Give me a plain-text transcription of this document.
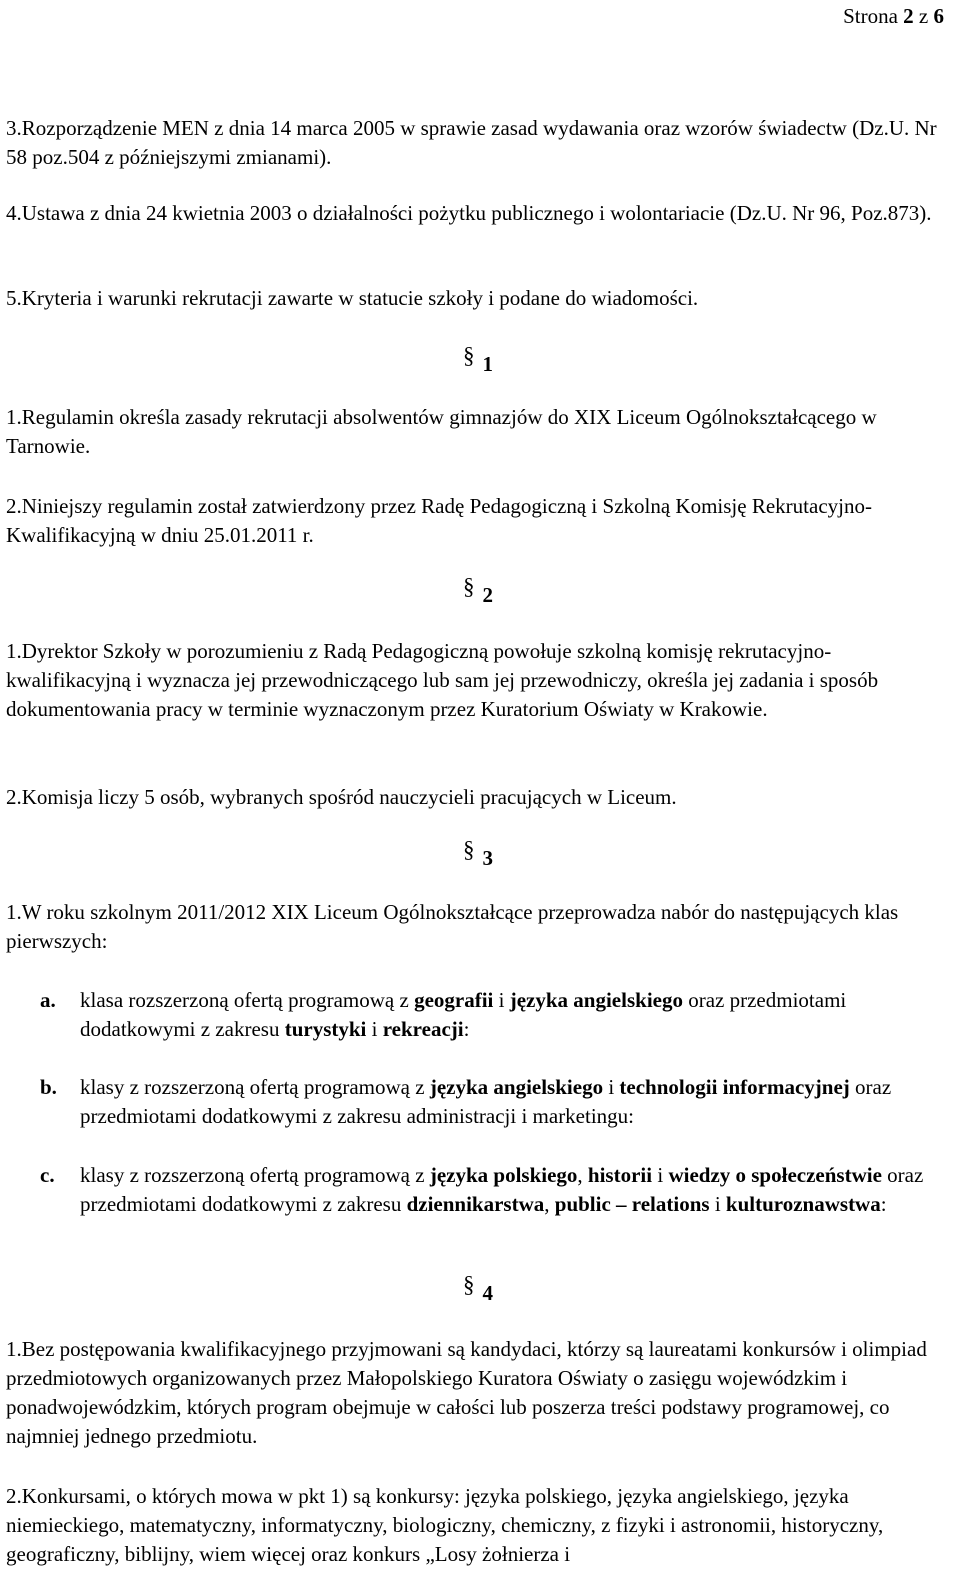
Strona 2 z 6

3.Rozporządzenie MEN z dnia 14 marca 2005 w sprawie zasad wydawania oraz wzorów świadectw (Dz.U. Nr 58 poz.504 z późniejszymi zmianami).

4.Ustawa z dnia 24 kwietnia 2003 o działalności pożytku publicznego i wolontariacie (Dz.U. Nr 96, Poz.873).

5.Kryteria i warunki rekrutacji zawarte w statucie szkoły i podane do wiadomości.

§ 1

1.Regulamin określa zasady rekrutacji absolwentów gimnazjów do XIX Liceum Ogólnokształcącego w Tarnowie.

2.Niniejszy regulamin został zatwierdzony przez Radę Pedagogiczną i Szkolną Komisję Rekrutacyjno-Kwalifikacyjną w dniu 25.01.2011 r.

§ 2

1.Dyrektor Szkoły w porozumieniu z Radą Pedagogiczną powołuje szkolną komisję rekrutacyjno-kwalifikacyjną i wyznacza jej przewodniczącego lub sam jej przewodniczy, określa jej zadania i sposób dokumentowania pracy w terminie wyznaczonym przez Kuratorium Oświaty w Krakowie.

2.Komisja liczy 5 osób, wybranych spośród nauczycieli pracujących w Liceum.

§ 3

1.W roku szkolnym 2011/2012 XIX Liceum Ogólnokształcące przeprowadza nabór do następujących klas pierwszych:

a. klasa rozszerzoną ofertą programową z geografii i języka angielskiego oraz przedmiotami dodatkowymi z zakresu turystyki i rekreacji:
b. klasy z rozszerzoną ofertą programową z języka angielskiego i technologii informacyjnej oraz przedmiotami dodatkowymi z zakresu administracji i marketingu:
c. klasy z rozszerzoną ofertą programową z języka polskiego, historii i wiedzy o społeczeństwie oraz przedmiotami dodatkowymi z zakresu dziennikarstwa, public – relations i kulturoznawstwa:
§ 4

1.Bez postępowania kwalifikacyjnego przyjmowani są kandydaci, którzy są laureatami konkursów i olimpiad przedmiotowych organizowanych przez Małopolskiego Kuratora Oświaty o zasięgu wojewódzkim i ponadwojewódzkim, których program obejmuje w całości lub poszerza treści podstawy programowej, co najmniej jednego przedmiotu.

2.Konkursami, o których mowa w pkt 1) są konkursy: języka polskiego, języka angielskiego, języka niemieckiego, matematyczny, informatyczny, biologiczny, chemiczny, z fizyki i astronomii, historyczny, geograficzny, biblijny, wiem więcej oraz konkurs „Losy żołnierza i
